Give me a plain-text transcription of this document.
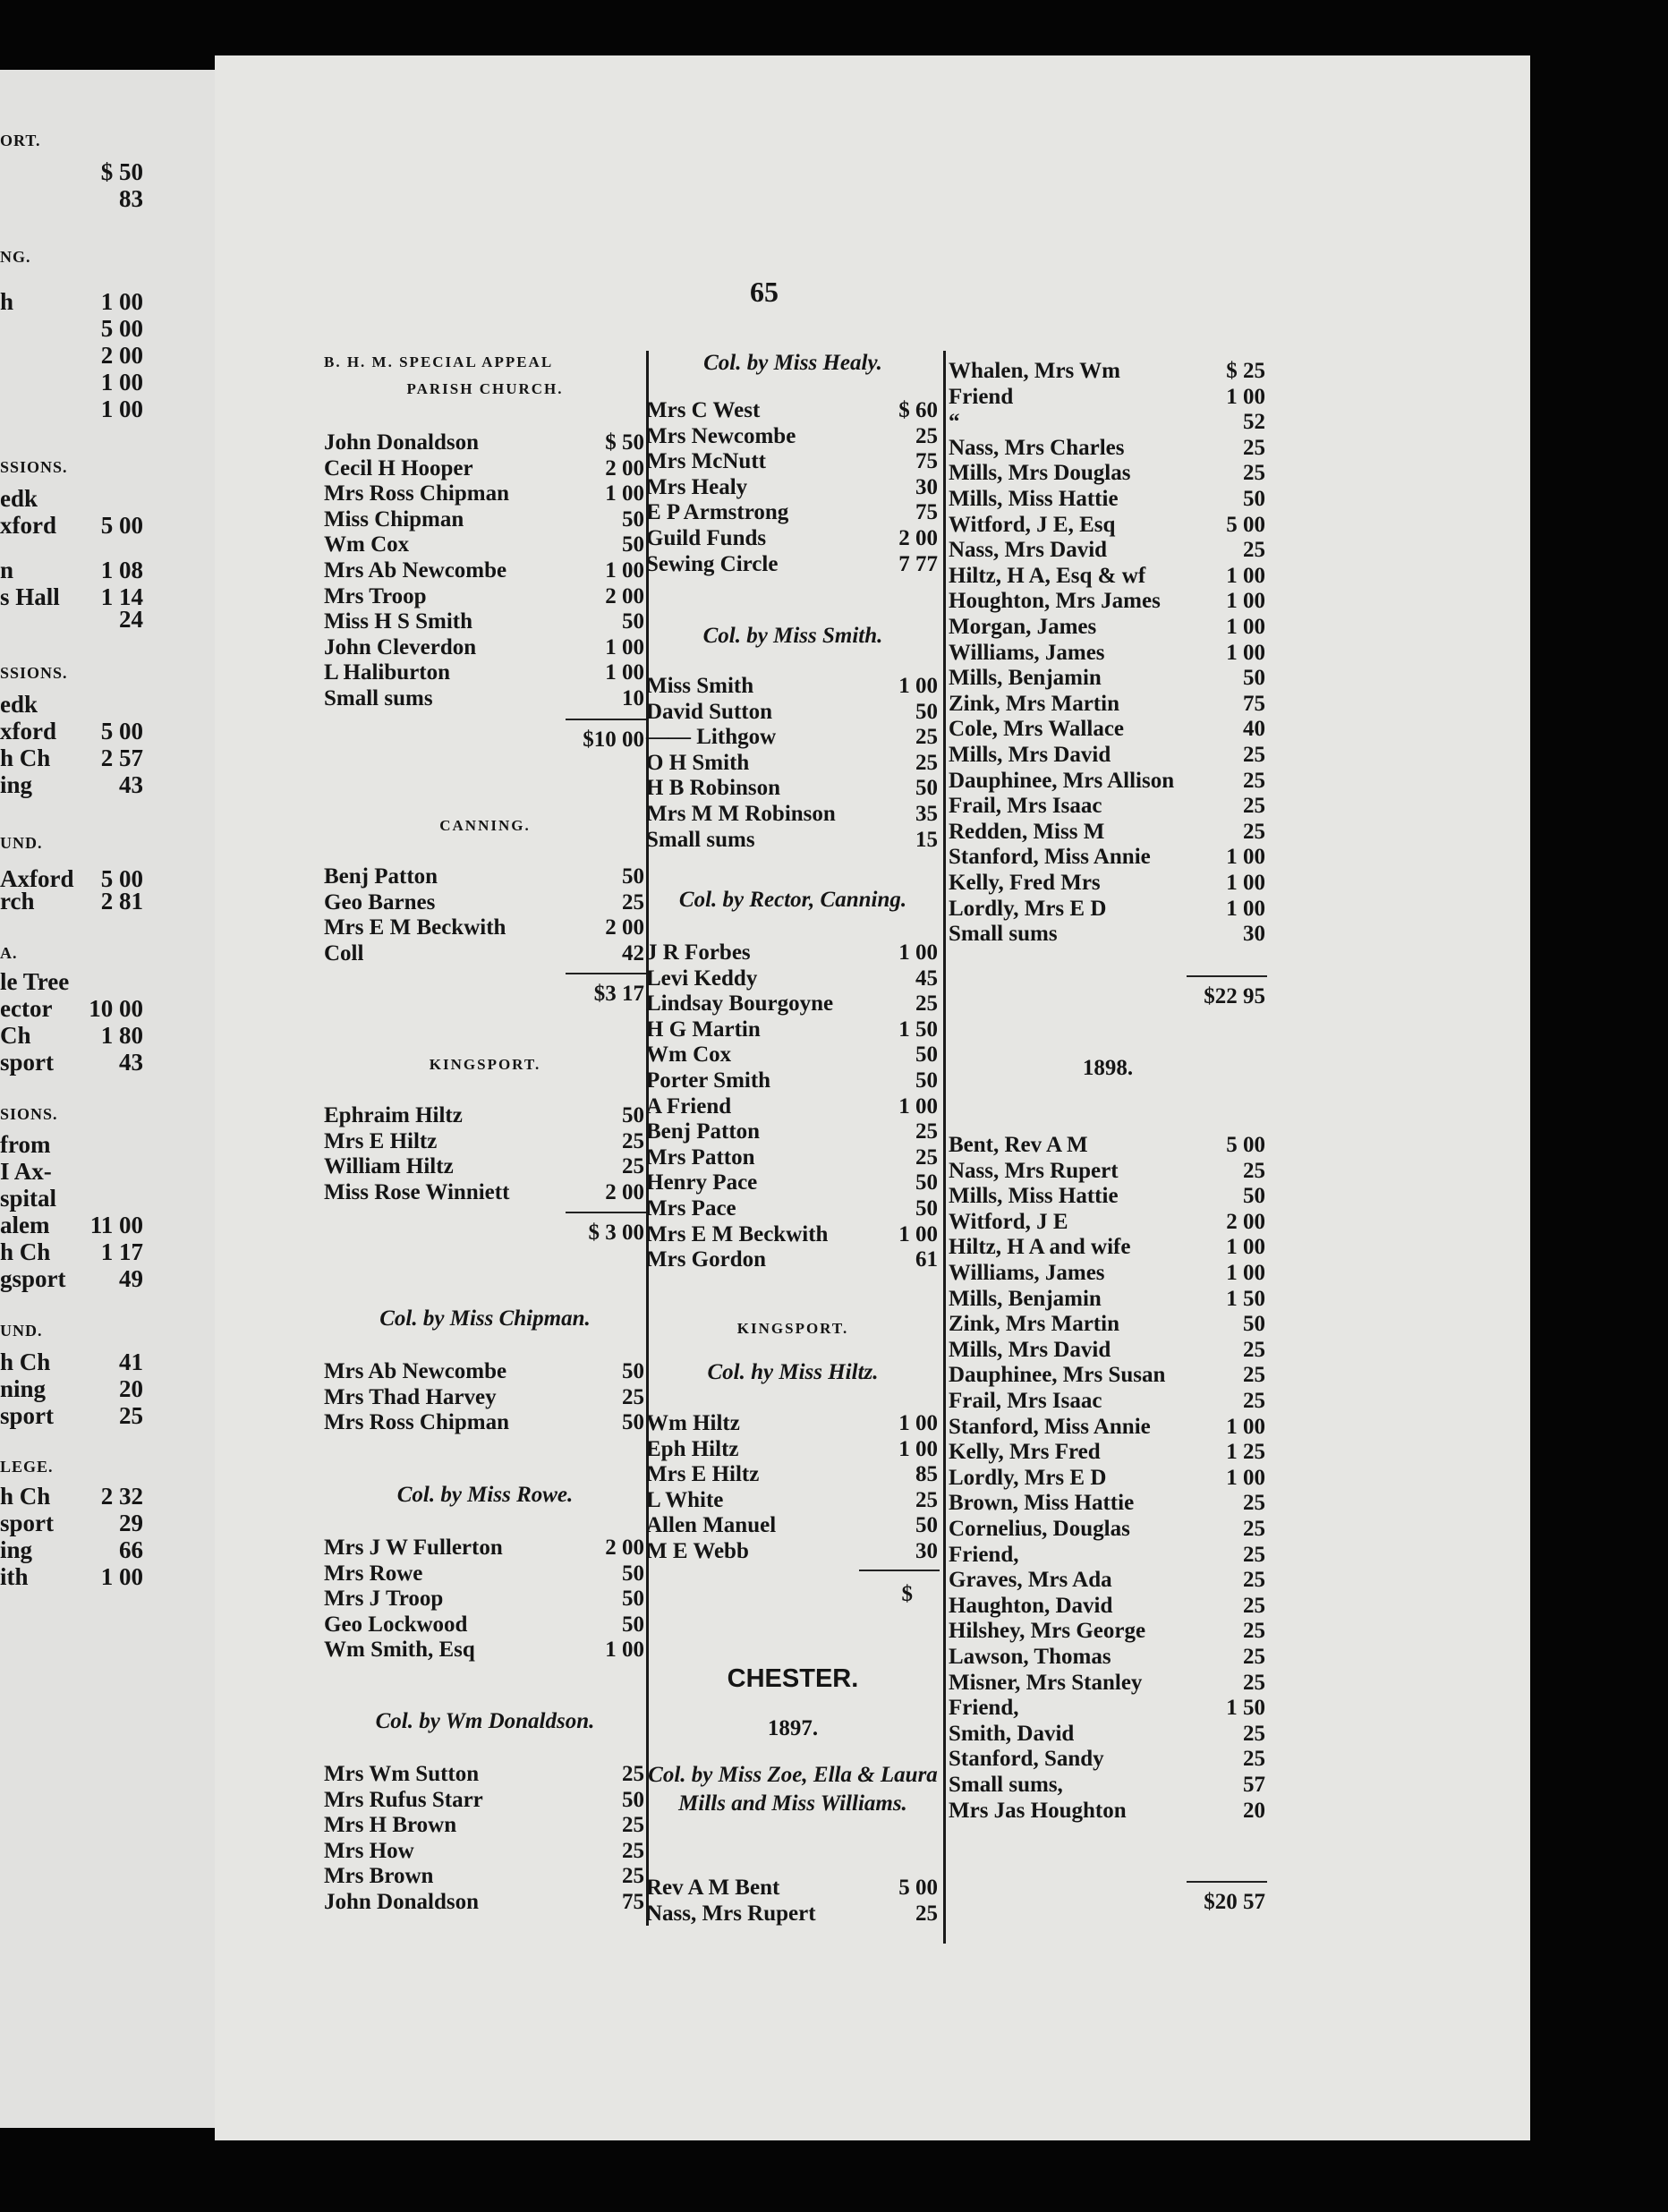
ORT.
$ 50
83
NG.
h	1 00
5 00
2 00
1 00
1 00
SSIONS.
edk
xford 5 00
n	1 08
s Hall 1 14
24
SSIONS.
edk
xford 5 00
h Ch 2 57
ing	43
UND.
Axford 5 00
rch	2 81
A.
le Tree
ector 10 00
Ch	1 80
sport	43
SIONS.
from
I Ax-
spital
alem 11 00
h Ch 1 17
gsport 49
UND.
h Ch	41
ning	20
sport	25
LEGE.
h Ch 2 32
sport	29
ing	66
ith	1 00
65
B. H. M. SPECIAL APPEAL
PARISH CHURCH.
John Donaldson	$ 50
Cecil H Hooper	2 00
Mrs Ross Chipman	1 00
Miss Chipman	50
Wm Cox	50
Mrs Ab Newcombe	1 00
Mrs Troop	2 00
Miss H S Smith	50
John Cleverdon	1 00
L Haliburton	1 00
Small sums	10
$10 00
CANNING.
Benj Patton	50
Geo Barnes	25
Mrs E M Beckwith	2 00
Coll	42
$3 17
KINGSPORT.
Ephraim Hiltz	50
Mrs E Hiltz	25
William Hiltz	25
Miss Rose Winniett	2 00
$ 3 00
Col. by Miss Chipman.
Mrs Ab Newcombe	50
Mrs Thad Harvey	25
Mrs Ross Chipman	50
Col. by Miss Rowe.
Mrs J W Fullerton	2 00
Mrs Rowe	50
Mrs J Troop	50
Geo Lockwood	50
Wm Smith, Esq	1 00
Col. by Wm Donaldson.
Mrs Wm Sutton	25
Mrs Rufus Starr	50
Mrs H Brown	25
Mrs How	25
Mrs Brown	25
John Donaldson	75
Col. by Miss Healy.
Mrs C West	$ 60
Mrs Newcombe	25
Mrs McNutt	75
Mrs Healy	30
E P Armstrong	75
Guild Funds	2 00
Sewing Circle	7 77
Col. by Miss Smith.
Miss Smith	1 00
David Sutton	50
—— Lithgow	25
O H Smith	25
H B Robinson	50
Mrs M M Robinson	35
Small sums	15
Col. by Rector, Canning.
J R Forbes	1 00
Levi Keddy	45
Lindsay Bourgoyne	25
H G Martin	1 50
Wm Cox	50
Porter Smith	50
A Friend	1 00
Benj Patton	25
Mrs Patton	25
Henry Pace	50
Mrs Pace	50
Mrs E M Beckwith	1 00
Mrs Gordon	61
KINGSPORT.
Col. hy Miss Hiltz.
Wm Hiltz	1 00
Eph Hiltz	1 00
Mrs E Hiltz	85
L White	25
Allen Manuel	50
M E Webb	30
$
CHESTER.
1897.
Col. by Miss Zoe, Ella & Laura Mills and Miss Williams.
Rev A M Bent	5 00
Nass, Mrs Rupert	25
Whalen, Mrs Wm	$ 25
Friend	1 00
“	52
Nass, Mrs Charles	25
Mills, Mrs Douglas	25
Mills, Miss Hattie	50
Witford, J E, Esq	5 00
Nass, Mrs David	25
Hiltz, H A, Esq & wf	1 00
Houghton, Mrs James	1 00
Morgan, James	1 00
Williams, James	1 00
Mills, Benjamin	50
Zink, Mrs Martin	75
Cole, Mrs Wallace	40
Mills, Mrs David	25
Dauphinee, Mrs Allison	25
Frail, Mrs Isaac	25
Redden, Miss M	25
Stanford, Miss Annie	1 00
Kelly, Fred Mrs	1 00
Lordly, Mrs E D	1 00
Small sums	30
$22 95
1898.
Bent, Rev A M	5 00
Nass, Mrs Rupert	25
Mills, Miss Hattie	50
Witford, J E	2 00
Hiltz, H A and wife	1 00
Williams, James	1 00
Mills, Benjamin	1 50
Zink, Mrs Martin	50
Mills, Mrs David	25
Dauphinee, Mrs Susan	25
Frail, Mrs Isaac	25
Stanford, Miss Annie	1 00
Kelly, Mrs Fred	1 25
Lordly, Mrs E D	1 00
Brown, Miss Hattie	25
Cornelius, Douglas	25
Friend,	25
Graves, Mrs Ada	25
Haughton, David	25
Hilshey, Mrs George	25
Lawson, Thomas	25
Misner, Mrs Stanley	25
Friend,	1 50
Smith, David	25
Stanford, Sandy	25
Small sums,	57
Mrs Jas Houghton	20
$20 57
